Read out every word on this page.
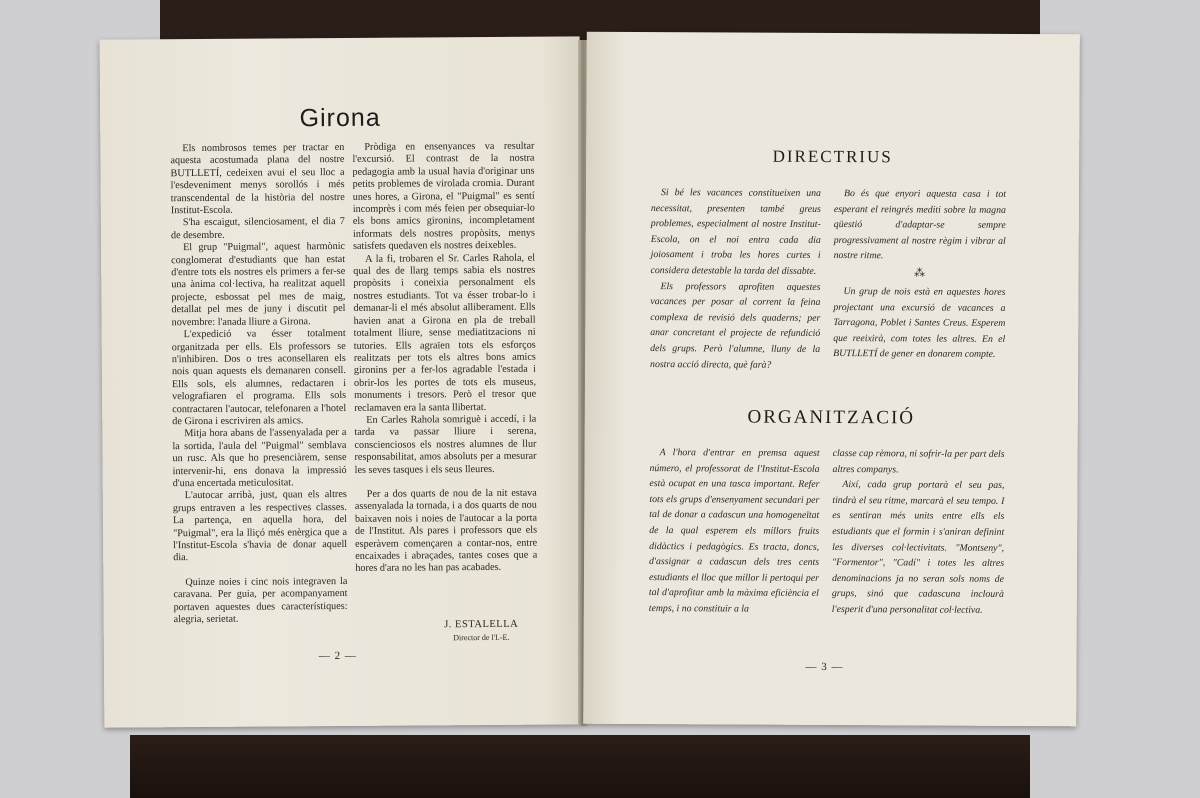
Girona

Els nombrosos temes per tractar en aquesta acostumada plana del nostre BUTLLETÍ, cedeixen avui el seu lloc a l'esdeveniment menys sorollós i més transcendental de la història del nostre Institut-Escola.

S'ha escaigut, silenciosament, el dia 7 de desembre.

El grup "Puigmal", aquest harmònic conglomerat d'estudiants que han estat d'entre tots els nostres els primers a fer-se una ànima col·lectiva, ha realitzat aquell projecte, esbossat pel mes de maig, detallat pel mes de juny i discutit pel novembre: l'anada lliure a Girona.

L'expedició va ésser totalment organitzada per ells. Els professors se n'inhibiren. Dos o tres aconsellaren els nois quan aquests els demanaren consell. Ells sols, els alumnes, redactaren i velografiaren el programa. Ells sols contractaren l'autocar, telefonaren a l'hotel de Girona i escriviren als amics.

Mitja hora abans de l'assenyalada per a la sortida, l'aula del "Puigmal" semblava un rusc. Als que ho presenciàrem, sense intervenir-hi, ens donava la impressió d'una encertada meticulositat.

L'autocar arribà, just, quan els altres grups entraven a les respectives classes. La partença, en aquella hora, del "Puigmal", era la lliçó més enèrgica que a l'Institut-Escola s'havia de donar aquell dia.

Quinze noies i cinc nois integraven la caravana. Per guia, per acompanyament portaven aquestes dues característiques: alegria, serietat.

Pròdiga en ensenyances va resultar l'excursió. El contrast de la nostra pedagogia amb la usual havia d'originar uns petits problemes de virolada cromia. Durant unes hores, a Girona, el "Puigmal" es sentí incomprès i com més feien per obsequiar-lo els bons amics gironins, incompletament informats dels nostres propòsits, menys satisfets quedaven els nostres deixebles.

A la fi, trobaren el Sr. Carles Rahola, el qual des de llarg temps sabia els nostres propòsits i coneixia personalment els nostres estudiants. Tot va ésser trobar-lo i demanar-li el més absolut alliberament. Ells havien anat a Girona en pla de treball totalment lliure, sense mediatitzacions ni tutories. Ells agraïen tots els esforços realitzats per tots els altres bons amics gironins per a fer-los agradable l'estada i obrir-los les portes de tots els museus, monuments i tresors. Però el tresor que reclamaven era la santa llibertat.

En Carles Rahola somriguè i accedí, i la tarda va passar lliure i serena, conscienciosos els nostres alumnes de llur responsabilitat, amos absoluts per a mesurar les seves tasques i els seus lleures.

Per a dos quarts de nou de la nit estava assenyalada la tornada, i a dos quarts de nou baixaven nois i noies de l'autocar a la porta de l'Institut. Als pares i professors que els esperàvem començaren a contar-nos, entre encaixades i abraçades, tantes coses que a hores d'ara no les han pas acabades.

J. ESTALELLA
Director de l'I.-E.
— 2 —
DIRECTRIUS

Si bé les vacances constitueixen una necessitat, presenten també greus problemes, especialment al nostre Institut-Escola, on el noi entra cada dia joiosament i troba les hores curtes i considera detestable la tarda del dissabte.

Els professors aprofiten aquestes vacances per posar al corrent la feina complexa de revisió dels quaderns; per anar concretant el projecte de refundició dels grups. Però l'alumne, lluny de la nostra acció directa, què farà?

Bo és que enyori aquesta casa i tot esperant el reingrés mediti sobre la magna qüestió d'adaptar-se sempre progressivament al nostre règim i vibrar al nostre ritme.

⁂

Un grup de nois està en aquestes hores projectant una excursió de vacances a Tarragona, Poblet i Santes Creus. Esperem que reeixirà, com totes les altres. En el BUTLLETÍ de gener en donarem compte.

ORGANITZACIÓ

A l'hora d'entrar en premsa aquest número, el professorat de l'Institut-Escola està ocupat en una tasca important. Refer tots els grups d'ensenyament secundari per tal de donar a cadascun una homogeneïtat de la qual esperem els millors fruits didàctics i pedagògics. Es tracta, doncs, d'assignar a cadascun dels tres cents estudiants el lloc que millor li pertoqui per tal d'aprofitar amb la màxima eficiència el temps, i no constituir a la

classe cap rèmora, ni sofrir-la per part dels altres companys.

Així, cada grup portarà el seu pas, tindrà el seu ritme, marcarà el seu tempo. I es sentiran més units entre ells els estudiants que el formin i s'aniran definint les diverses col·lectivitats. "Montseny", "Formentor", "Cadí" i totes les altres denominacions ja no seran sols noms de grups, sinó que cadascuna inclourà l'esperit d'una personalitat col·lectiva.

— 3 —
